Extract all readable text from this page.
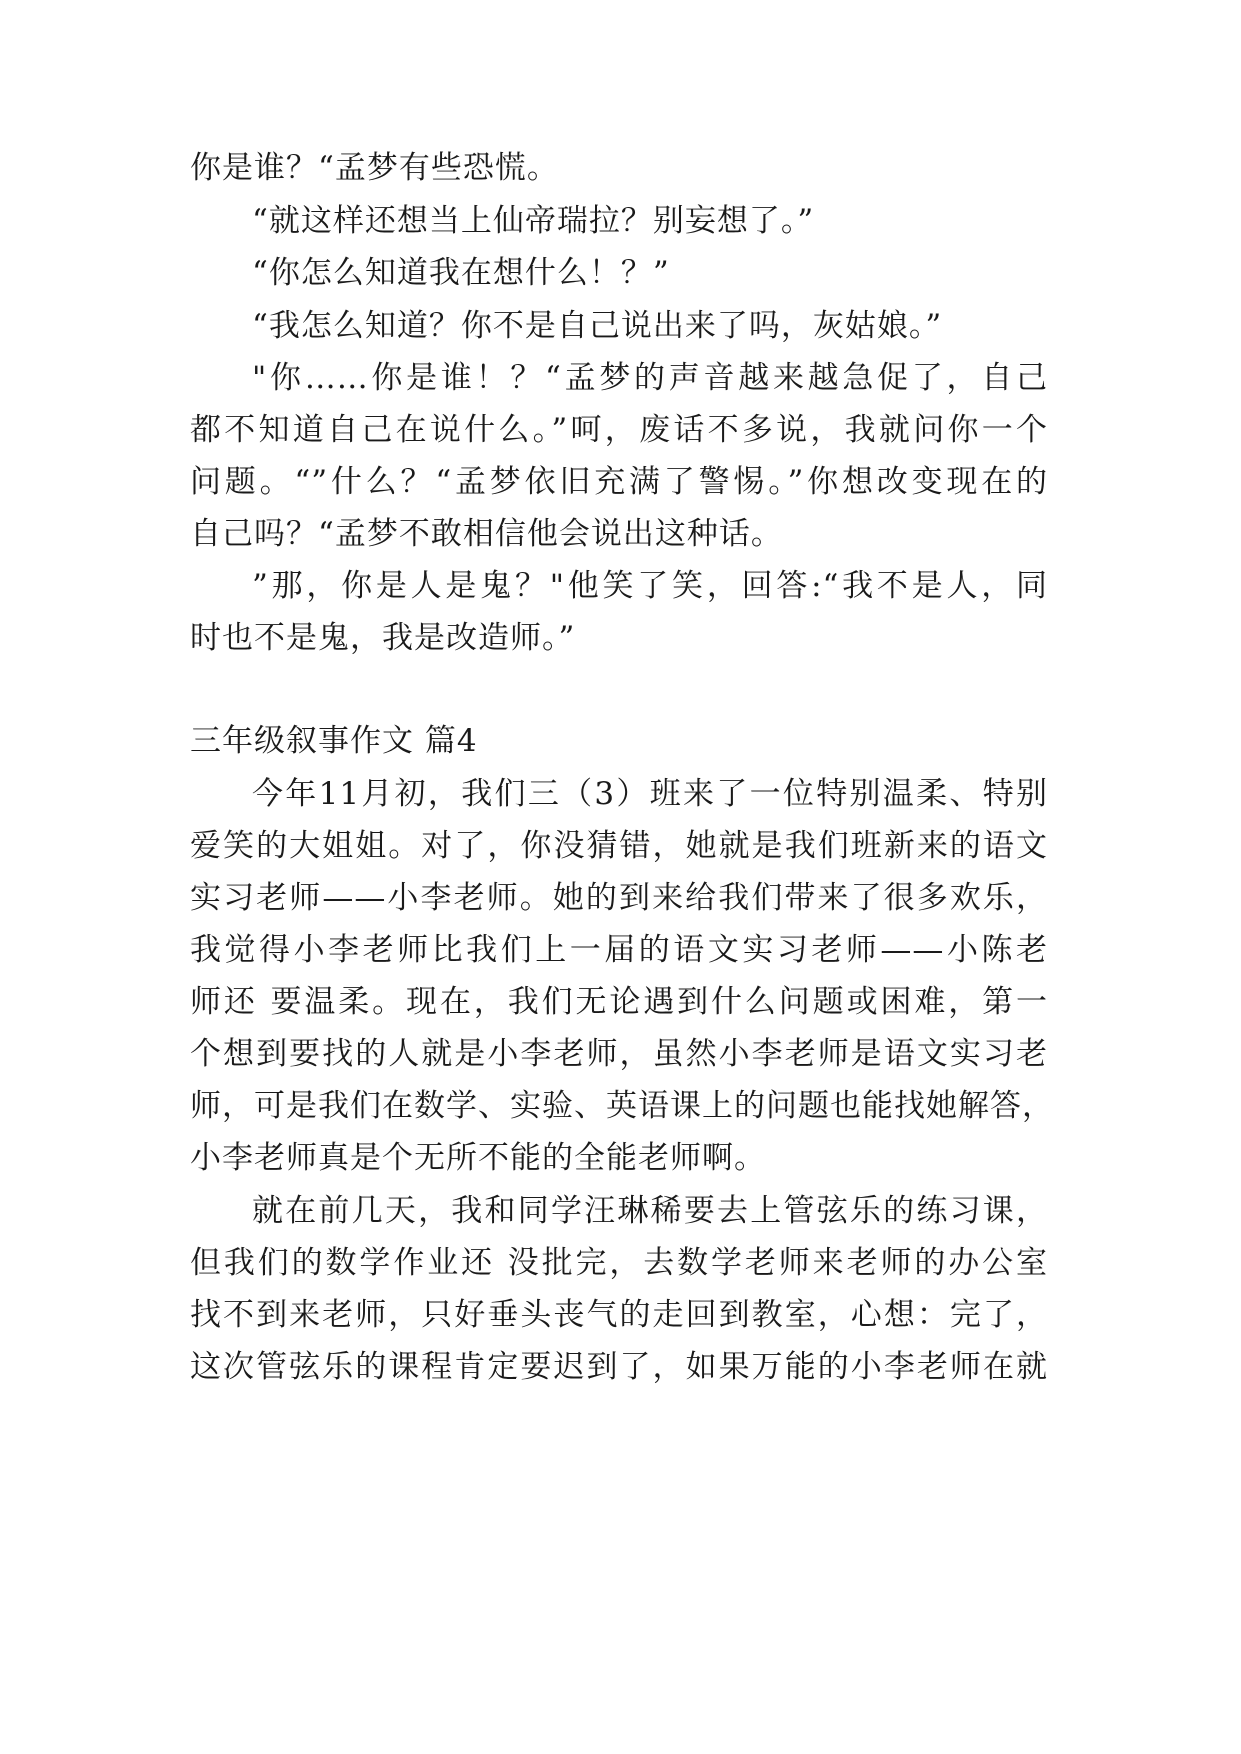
你是谁？“孟梦有些恐慌。
“就这样还想当上仙帝瑞拉？别妄想了。”
“你怎么知道我在想什么！？”
“我怎么知道？你不是自己说出来了吗，灰姑娘。”
"你……你是谁！？“孟梦的声音越来越急促了，自己
都不知道自己在说什么。”呵，废话不多说，我就问你一个
问题。“”什么？“孟梦依旧充满了警惕。”你想改变现在的
自己吗？“孟梦不敢相信他会说出这种话。
”那，你是人是鬼？"他笑了笑，回答:“我不是人，同
时也不是鬼，我是改造师。”
三年级叙事作文 篇4
今年11月初，我们三（3）班来了一位特别温柔、特别
爱笑的大姐姐。对了，你没猜错，她就是我们班新来的语文
实习老师——小李老师。她的到来给我们带来了很多欢乐，
我觉得小李老师比我们上一届的语文实习老师——小陈老
师还 要温柔。现在，我们无论遇到什么问题或困难，第一
个想到要找的人就是小李老师，虽然小李老师是语文实习老
师，可是我们在数学、实验、英语课上的问题也能找她解答，
小李老师真是个无所不能的全能老师啊。
就在前几天，我和同学汪琳稀要去上管弦乐的练习课，
但我们的数学作业还 没批完，去数学老师来老师的办公室
找不到来老师，只好垂头丧气的走回到教室，心想：完了，
这次管弦乐的课程肯定要迟到了，如果万能的小李老师在就
